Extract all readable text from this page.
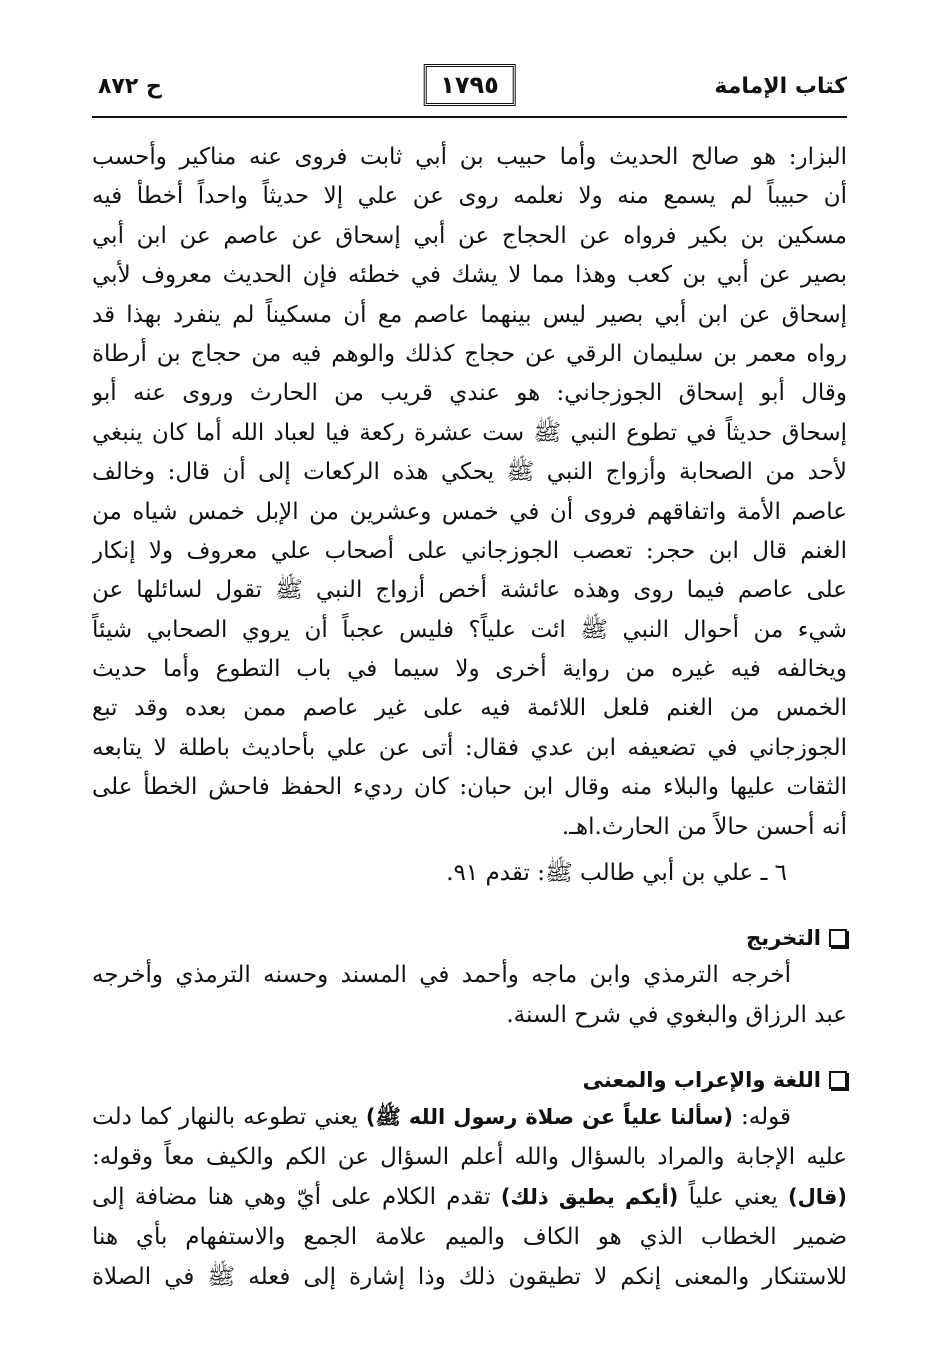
كتاب الإمامة
١٧٩٥
ح ٨٧٢
البزار: هو صالح الحديث وأما حبيب بن أبي ثابت فروى عنه مناكير وأحسب
أن حبيباً لم يسمع منه ولا نعلمه روى عن علي إلا حديثاً واحداً أخطأ فيه
مسكين بن بكير فرواه عن الحجاج عن أبي إسحاق عن عاصم عن ابن أبي
بصير عن أبي بن كعب وهذا مما لا يشك في خطئه فإن الحديث معروف لأبي
إسحاق عن ابن أبي بصير ليس بينهما عاصم مع أن مسكيناً لم ينفرد بهذا قد
رواه معمر بن سليمان الرقي عن حجاج كذلك والوهم فيه من حجاج بن أرطاة
وقال أبو إسحاق الجوزجاني: هو عندي قريب من الحارث وروى عنه أبو
إسحاق حديثاً في تطوع النبي ﷺ ست عشرة ركعة فيا لعباد الله أما كان ينبغي
لأحد من الصحابة وأزواج النبي ﷺ يحكي هذه الركعات إلى أن قال: وخالف
عاصم الأمة واتفاقهم فروى أن في خمس وعشرين من الإبل خمس شياه من
الغنم قال ابن حجر: تعصب الجوزجاني على أصحاب علي معروف ولا إنكار
على عاصم فيما روى وهذه عائشة أخص أزواج النبي ﷺ تقول لسائلها عن
شيء من أحوال النبي ﷺ ائت علياً؟ فليس عجباً أن يروي الصحابي شيئاً
ويخالفه فيه غيره من رواية أخرى ولا سيما في باب التطوع وأما حديث
الخمس من الغنم فلعل اللائمة فيه على غير عاصم ممن بعده وقد تبع
الجوزجاني في تضعيفه ابن عدي فقال: أتى عن علي بأحاديث باطلة لا يتابعه
الثقات عليها والبلاء منه وقال ابن حبان: كان رديء الحفظ فاحش الخطأ على
أنه أحسن حالاً من الحارث.اهـ.
٦ ـ علي بن أبي طالب ﷺ: تقدم ٩١.
التخريج
أخرجه الترمذي وابن ماجه وأحمد في المسند وحسنه الترمذي وأخرجه
عبد الرزاق والبغوي في شرح السنة.
اللغة والإعراب والمعنى
قوله: (سألنا علياً عن صلاة رسول الله ﷺ) يعني تطوعه بالنهار كما دلت
عليه الإجابة والمراد بالسؤال والله أعلم السؤال عن الكم والكيف معاً وقوله:
(قال) يعني علياً (أيكم يطيق ذلك) تقدم الكلام على أيّ وهي هنا مضافة إلى
ضمير الخطاب الذي هو الكاف والميم علامة الجمع والاستفهام بأي هنا
للاستنكار والمعنى إنكم لا تطيقون ذلك وذا إشارة إلى فعله ﷺ في الصلاة
